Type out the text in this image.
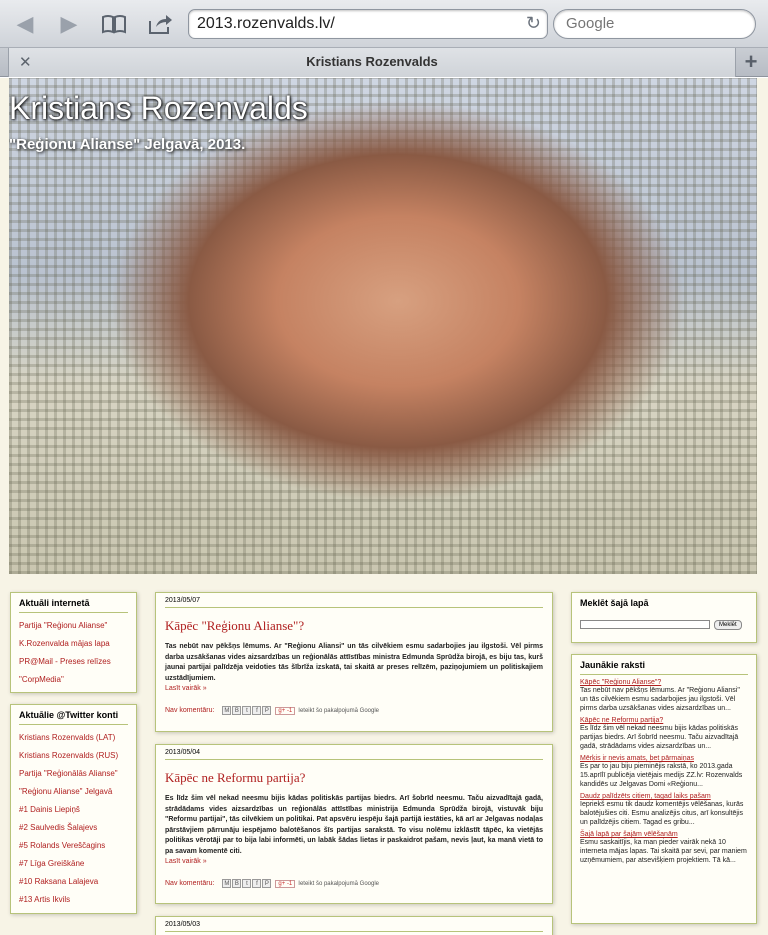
◀ ▶	2013.rozenvalds.lv/	↻
Google
✕	Kristians Rozenvalds	+
Kristians Rozenvalds
"Reģionu Alianse" Jelgavā, 2013.
Aktuāli internetā
Partija "Reģionu Alianse"
K.Rozenvalda mājas lapa
PR@Mail - Preses relīzes
"CorpMedia"
Aktuālie @Twitter konti
Kristians Rozenvalds (LAT)
Kristians Rozenvalds (RUS)
Partija "Reģionālās Alianse"
"Reģionu Alianse" Jelgavā
#1 Dainis Liepiņš
#2 Saulvedis Šalajevs
#5 Rolands Vereščagins
#7 Līga Greiškāne
#10 Raksana Lalajeva
#13 Artis Ikvils
2013/05/07
Kāpēc "Reģionu Alianse"?
Tas nebūt nav pēkšņs lēmums. Ar "Reģionu Aliansi" un tās cilvēkiem esmu sadarbojies jau ilgstoši. Vēl pirms darba uzsākšanas vides aizsardzības un reģionālās attīstības ministra Edmunda Sprūdža birojā, es biju tas, kurš jaunai partijai palīdzēja veidoties tās šībrīža izskatā, tai skaitā ar preses relīzēm, paziņojumiem un politiskajiem uzstādījumiem.
Lasīt vairāk »
Nav komentāru:	M B	t	f	P	g+ -1	Ieteikt šo pakalpojumā Google
2013/05/04
Kāpēc ne Reformu partija?
Es līdz šim vēl nekad neesmu bijis kādas politiskās partijas biedrs. Arī šobrīd neesmu. Taču aizvadītajā gadā, strādādams vides aizsardzības un reģionālās attīstības ministrija Edmunda Sprūdža birojā, vistuvāk biju "Reformu partijai", tās cilvēkiem un politikai. Pat apsvēru iespēju šajā partijā iestāties, kā arī ar Jelgavas nodaļas pārstāvjiem pārrunāju iespējamo balotēšanos šīs partijas sarakstā. To visu nolēmu izklāstīt tāpēc, ka vietējās politikas vērotāji par to bija labi informēti, un labāk šādas lietas ir paskaidrot pašam, nevis ļaut, ka manā vietā to pa savam komentē citi.
Lasīt vairāk »
Nav komentāru:	M B	t	f	P	g+ -1	Ieteikt šo pakalpojumā Google
2013/05/03
Meklēt šajā lapā
Meklēt
Jaunākie raksti
Kāpēc "Reģionu Alianse"?

Tas nebūt nav pēkšņs lēmums. Ar "Reģionu Aliansi" un tās cilvēkiem esmu sadarbojies jau ilgstoši. Vēl pirms darba uzsākšanas vides aizsardzības un...

Kāpēc ne Reformu partija?

Es līdz šim vēl nekad neesmu bijis kādas politiskās partijas biedrs. Arī šobrīd neesmu. Taču aizvadītajā gadā, strādādams vides aizsardzības un...

Mērķis ir nevis amats, bet pārmaiņas

Es par to jau biju pieminējis rakstā, ko 2013.gada 15.aprīlī publicēja vietējais medijs ZZ.lv: Rozenvalds kandidēs uz Jelgavas Domi «Reģionu...

Daudz palīdzēts citiem, tagad laiks pašam

Iepriekš esmu tik daudz komentējis vēlēšanas, kurās balotējušies citi. Esmu analizējis citus, arī konsultējis un palīdzējis citiem. Tagad es gribu...

Šajā lapā par šajām vēlēšanām

Esmu saskaitījis, ka man pieder vairāk nekā 10 interneta mājas lapas. Tai skaitā par sevi, par maniem uzņēmumiem, par atsevišķiem projektiem. Tā kā...
